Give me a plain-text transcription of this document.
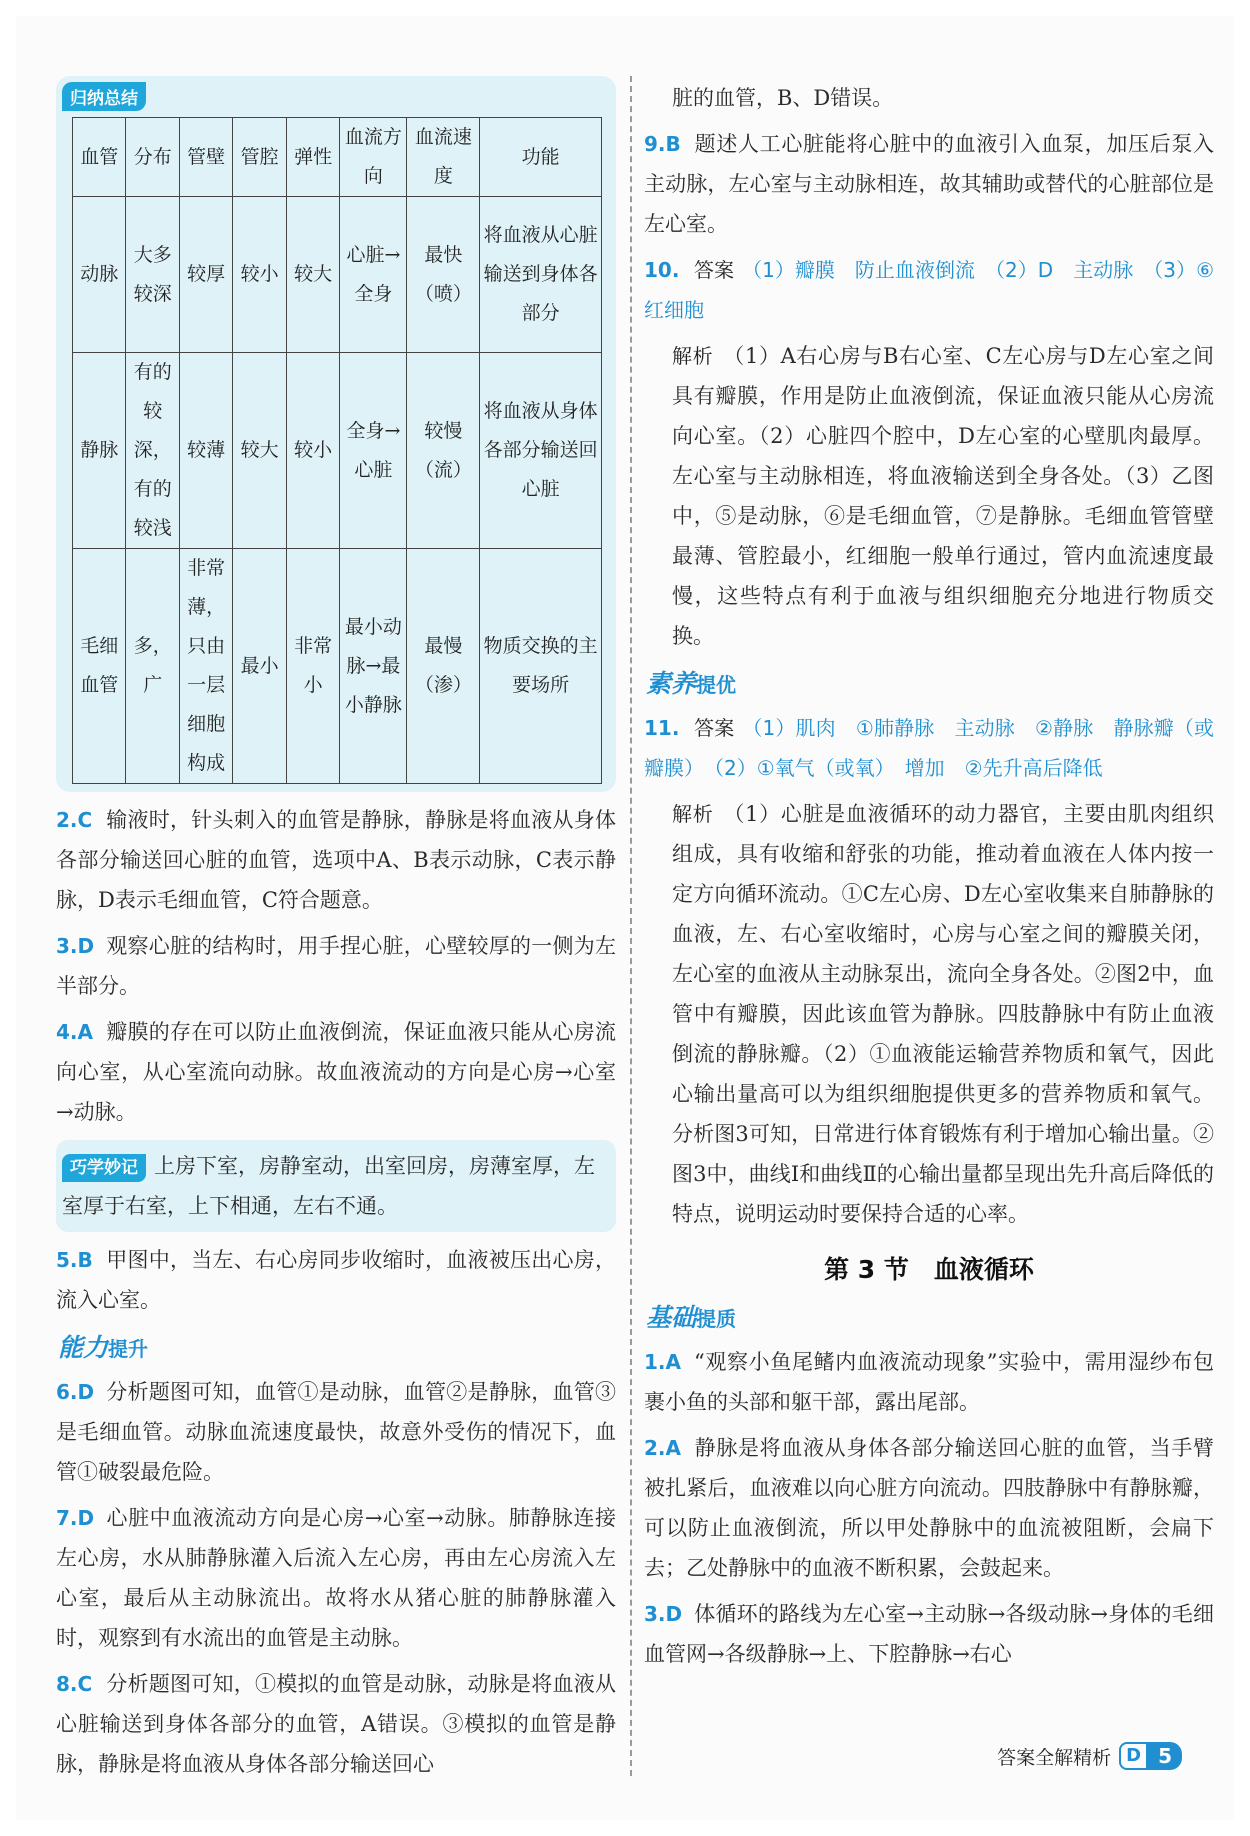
归纳总结
血管	分布	管壁	管腔	弹性	血流方向	血流速度	功能
动脉	大多较深	较厚	较小	较大	心脏→全身	最快（喷）	将血液从心脏输送到身体各部分
静脉	有的较深，有的较浅	较薄	较大	较小	全身→心脏	较慢（流）	将血液从身体各部分输送回心脏
毛细血管	多，广	非常薄，只由一层细胞构成	最小	非常小	最小动脉→最小静脉	最慢（渗）	物质交换的主要场所

2.C 输液时，针头刺入的血管是静脉，静脉是将血液从身体各部分输送回心脏的血管，选项中A、B表示动脉，C表示静脉，D表示毛细血管，C符合题意。

3.D 观察心脏的结构时，用手捏心脏，心壁较厚的一侧为左半部分。

4.A 瓣膜的存在可以防止血液倒流，保证血液只能从心房流向心室，从心室流向动脉。故血液流动的方向是心房→心室→动脉。

巧学妙记 上房下室，房静室动，出室回房，房薄室厚，左室厚于右室，上下相通，左右不通。

5.B 甲图中，当左、右心房同步收缩时，血液被压出心房，流入心室。

能力提升

6.D 分析题图可知，血管①是动脉，血管②是静脉，血管③是毛细血管。动脉血流速度最快，故意外受伤的情况下，血管①破裂最危险。

7.D 心脏中血液流动方向是心房→心室→动脉。肺静脉连接左心房，水从肺静脉灌入后流入左心房，再由左心房流入左心室，最后从主动脉流出。故将水从猪心脏的肺静脉灌入时，观察到有水流出的血管是主动脉。

8.C 分析题图可知，①模拟的血管是动脉，动脉是将血液从心脏输送到身体各部分的血管，A错误。③模拟的血管是静脉，静脉是将血液从身体各部分输送回心

脏的血管，B、D错误。

9.B 题述人工心脏能将心脏中的血液引入血泵，加压后泵入主动脉，左心室与主动脉相连，故其辅助或替代的心脏部位是左心室。

10. 答案 （1）瓣膜　防止血液倒流　（2）D　主动脉　（3）⑥　红细胞

解析 （1）A右心房与B右心室、C左心房与D左心室之间具有瓣膜，作用是防止血液倒流，保证血液只能从心房流向心室。（2）心脏四个腔中，D左心室的心壁肌肉最厚。左心室与主动脉相连，将血液输送到全身各处。（3）乙图中，⑤是动脉，⑥是毛细血管，⑦是静脉。毛细血管管壁最薄、管腔最小，红细胞一般单行通过，管内血流速度最慢，这些特点有利于血液与组织细胞充分地进行物质交换。

素养提优

11. 答案 （1）肌肉　①肺静脉　主动脉　②静脉　静脉瓣（或瓣膜）　（2）①氧气（或氧）　增加　②先升高后降低

解析 （1）心脏是血液循环的动力器官，主要由肌肉组织组成，具有收缩和舒张的功能，推动着血液在人体内按一定方向循环流动。①C左心房、D左心室收集来自肺静脉的血液，左、右心室收缩时，心房与心室之间的瓣膜关闭，左心室的血液从主动脉泵出，流向全身各处。②图2中，血管中有瓣膜，因此该血管为静脉。四肢静脉中有防止血液倒流的静脉瓣。（2）①血液能运输营养物质和氧气，因此心输出量高可以为组织细胞提供更多的营养物质和氧气。分析图3可知，日常进行体育锻炼有利于增加心输出量。②图3中，曲线Ⅰ和曲线Ⅱ的心输出量都呈现出先升高后降低的特点，说明运动时要保持合适的心率。

第 3 节　血液循环
基础提质

1.A “观察小鱼尾鳍内血液流动现象”实验中，需用湿纱布包裹小鱼的头部和躯干部，露出尾部。

2.A 静脉是将血液从身体各部分输送回心脏的血管，当手臂被扎紧后，血液难以向心脏方向流动。四肢静脉中有静脉瓣，可以防止血液倒流，所以甲处静脉中的血流被阻断，会扁下去；乙处静脉中的血液不断积累，会鼓起来。

3.D 体循环的路线为左心室→主动脉→各级动脉→身体的毛细血管网→各级静脉→上、下腔静脉→右心

答案全解精析 D 5
